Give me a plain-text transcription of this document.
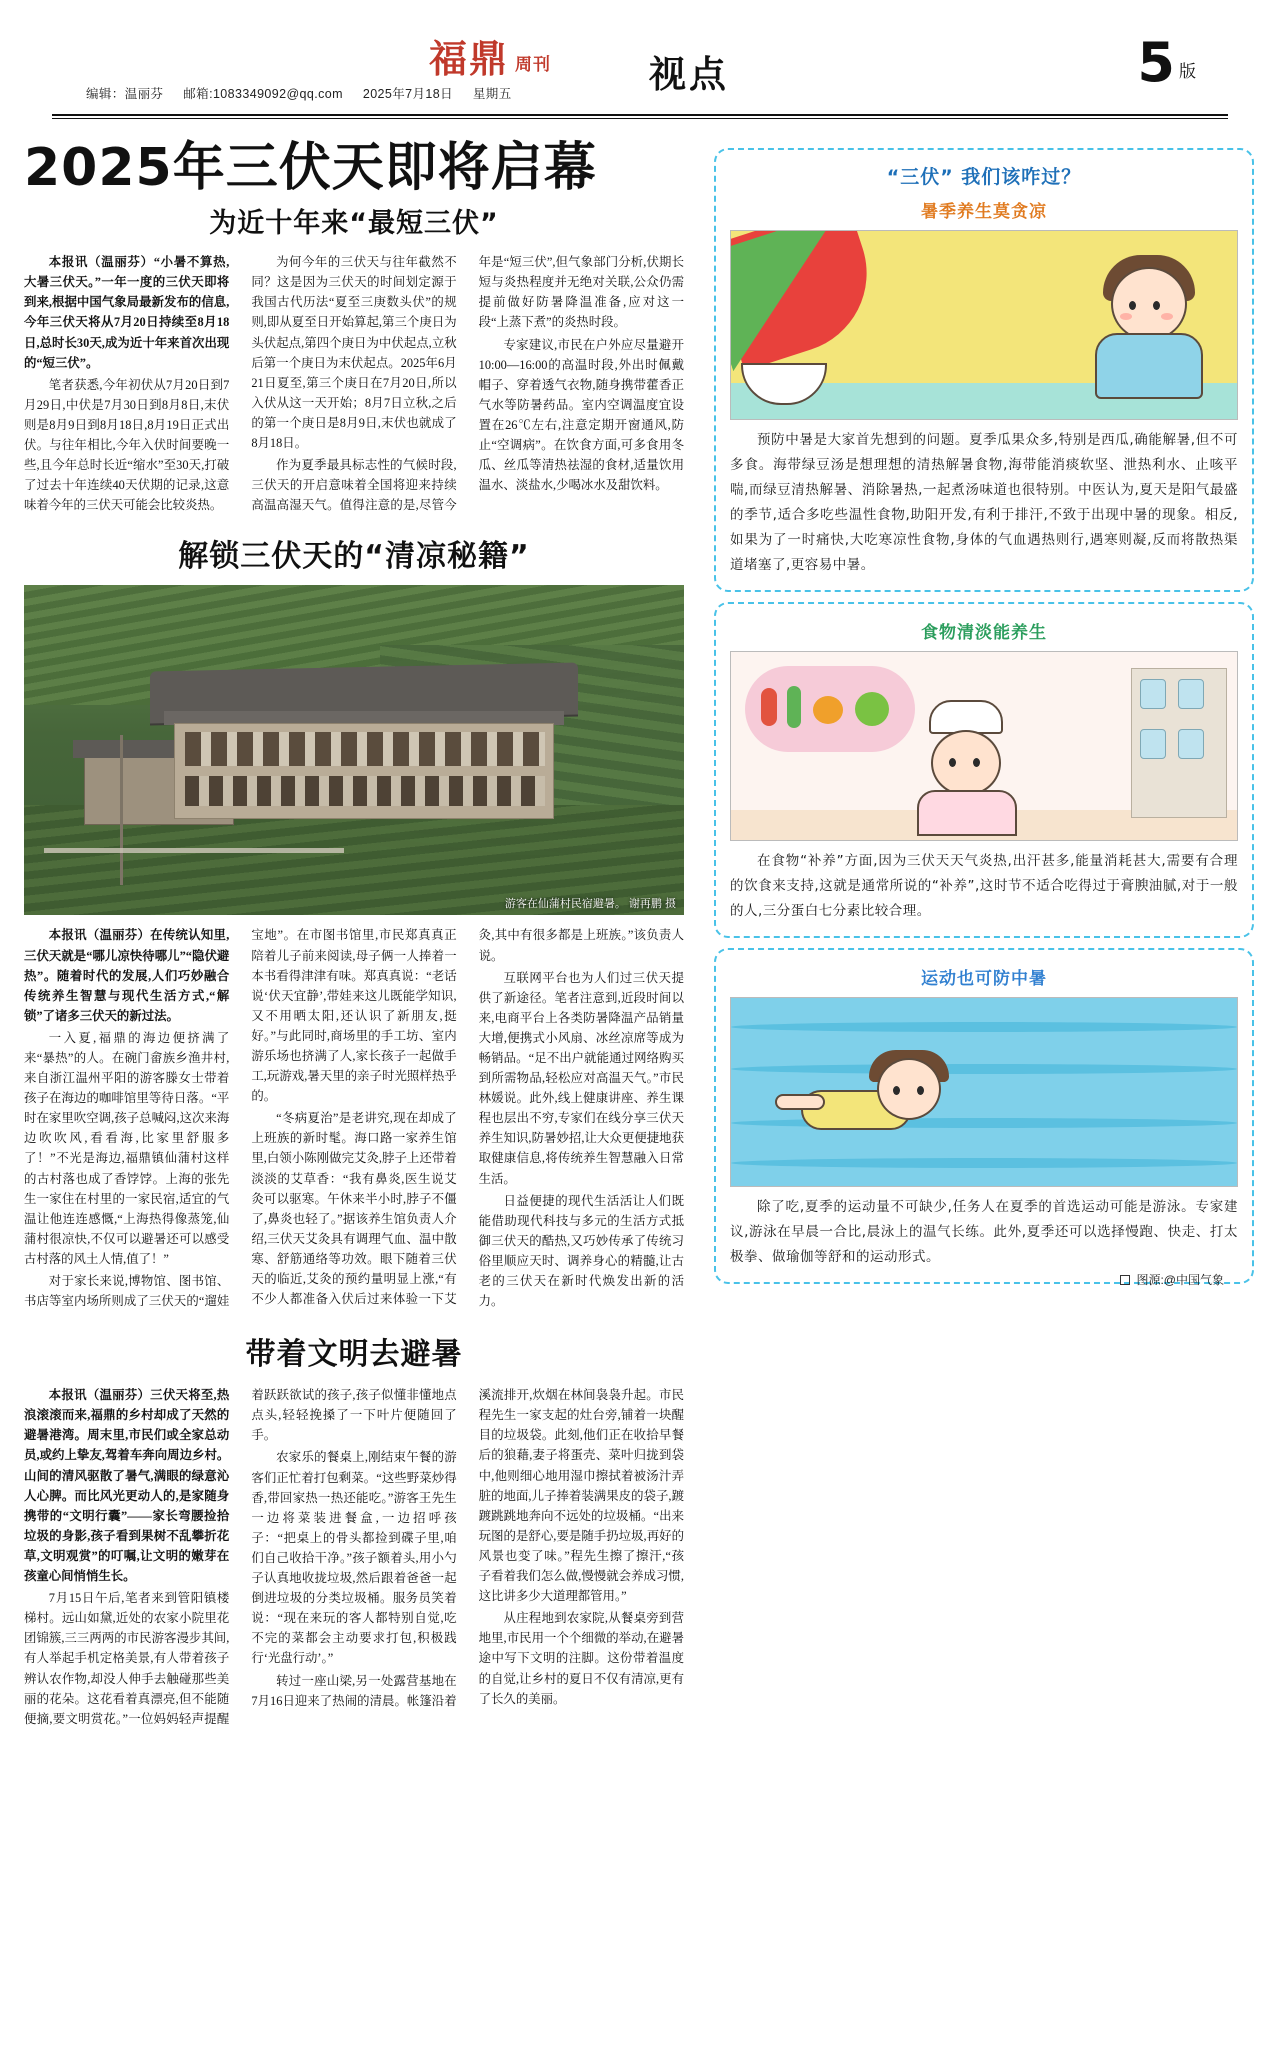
福鼎 周刊	视点	5 版
编辑：温丽芬 邮箱:1083349092@qq.com 2025年7月18日 星期五
2025年三伏天即将启幕
为近十年来“最短三伏”

本报讯（温丽芬）“小暑不算热,大暑三伏天。”一年一度的三伏天即将到来,根据中国气象局最新发布的信息,今年三伏天将从7月20日持续至8月18日,总时长30天,成为近十年来首次出现的“短三伏”。

笔者获悉,今年初伏从7月20日到7月29日,中伏是7月30日到8月8日,末伏则是8月9日到8月18日,8月19日正式出伏。与往年相比,今年入伏时间要晚一些,且今年总时长近“缩水”至30天,打破了过去十年连续40天伏期的记录,这意味着今年的三伏天可能会比较炎热。

为何今年的三伏天与往年截然不同？这是因为三伏天的时间划定源于我国古代历法“夏至三庚数头伏”的规则,即从夏至日开始算起,第三个庚日为头伏起点,第四个庚日为中伏起点,立秋后第一个庚日为末伏起点。2025年6月21日夏至,第三个庚日在7月20日,所以入伏从这一天开始；8月7日立秋,之后的第一个庚日是8月9日,末伏也就成了8月18日。

作为夏季最具标志性的气候时段,三伏天的开启意味着全国将迎来持续高温高湿天气。值得注意的是,尽管今年是“短三伏”,但气象部门分析,伏期长短与炎热程度并无绝对关联,公众仍需提前做好防暑降温准备,应对这一段“上蒸下煮”的炎热时段。

专家建议,市民在户外应尽量避开10:00—16:00的高温时段,外出时佩戴帽子、穿着透气衣物,随身携带藿香正气水等防暑药品。室内空调温度宜设置在26℃左右,注意定期开窗通风,防止“空调病”。在饮食方面,可多食用冬瓜、丝瓜等清热祛湿的食材,适量饮用温水、淡盐水,少喝冰水及甜饮料。

解锁三伏天的“清凉秘籍”
游客在仙蒲村民宿避暑。 谢再鹏 摄

本报讯（温丽芬）在传统认知里,三伏天就是“哪儿凉快待哪儿”“隐伏避热”。随着时代的发展,人们巧妙融合传统养生智慧与现代生活方式,“解锁”了诸多三伏天的新过法。

一入夏,福鼎的海边便挤满了来“暴热”的人。在碗门畲族乡渔井村,来自浙江温州平阳的游客滕女士带着孩子在海边的咖啡馆里等待日落。“平时在家里吹空调,孩子总喊闷,这次来海边吹吹风,看看海,比家里舒服多了！”不光是海边,福鼎镇仙蒲村这样的古村落也成了香饽饽。上海的张先生一家住在村里的一家民宿,适宜的气温让他连连感慨,“上海热得像蒸笼,仙蒲村很凉快,不仅可以避暑还可以感受古村落的风土人情,值了！”

对于家长来说,博物馆、图书馆、书店等室内场所则成了三伏天的“遛娃宝地”。在市图书馆里,市民郑真真正陪着儿子前来阅读,母子俩一人捧着一本书看得津津有味。郑真真说：“老话说‘伏天宜静’,带娃来这儿既能学知识,又不用晒太阳,还认识了新朋友,挺好。”与此同时,商场里的手工坊、室内游乐场也挤满了人,家长孩子一起做手工,玩游戏,暑天里的亲子时光照样热乎的。

“冬病夏治”是老讲究,现在却成了上班族的新时髦。海口路一家养生馆里,白领小陈刚做完艾灸,脖子上还带着淡淡的艾草香：“我有鼻炎,医生说艾灸可以驱寒。午休来半小时,脖子不僵了,鼻炎也轻了。”据该养生馆负责人介绍,三伏天艾灸具有调理气血、温中散寒、舒筋通络等功效。眼下随着三伏天的临近,艾灸的预约量明显上涨,“有不少人都准备入伏后过来体验一下艾灸,其中有很多都是上班族。”该负责人说。

互联网平台也为人们过三伏天提供了新途径。笔者注意到,近段时间以来,电商平台上各类防暑降温产品销量大增,便携式小风扇、冰丝凉席等成为畅销品。“足不出户就能通过网络购买到所需物品,轻松应对高温天气。”市民林媛说。此外,线上健康讲座、养生课程也层出不穷,专家们在线分享三伏天养生知识,防暑妙招,让大众更便捷地获取健康信息,将传统养生智慧融入日常生活。

日益便捷的现代生活活让人们既能借助现代科技与多元的生活方式抵御三伏天的酷热,又巧妙传承了传统习俗里顺应天时、调养身心的精髓,让古老的三伏天在新时代焕发出新的活力。

带着文明去避暑

本报讯（温丽芬）三伏天将至,热浪滚滚而来,福鼎的乡村却成了天然的避暑港湾。周末里,市民们或全家总动员,或约上挚友,驾着车奔向周边乡村。山间的清风驱散了暑气,满眼的绿意沁人心脾。而比风光更动人的,是家随身携带的“文明行囊”——家长弯腰捡拾垃圾的身影,孩子看到果树不乱攀折花草,文明观赏”的叮嘱,让文明的嫩芽在孩童心间悄悄生长。

7月15日午后,笔者来到管阳镇楼梯村。远山如黛,近处的农家小院里花团锦簇,三三两两的市民游客漫步其间,有人举起手机定格美景,有人带着孩子辨认农作物,却没人伸手去触碰那些美丽的花朵。这花看着真漂亮,但不能随便摘,要文明赏花。”一位妈妈轻声提醒着跃跃欲试的孩子,孩子似懂非懂地点点头,轻轻挽搡了一下叶片便随回了手。

农家乐的餐桌上,刚结束午餐的游客们正忙着打包剩菜。“这些野菜炒得香,带回家热一热还能吃。”游客王先生一边将菜装进餐盒,一边招呼孩子：“把桌上的骨头都捡到碟子里,咱们自己收拾干净。”孩子额着头,用小勺子认真地收拢垃圾,然后跟着爸爸一起倒进垃圾的分类垃圾桶。服务员笑着说：“现在来玩的客人都特别自觉,吃不完的菜都会主动要求打包,积极践行‘光盘行动’。”

转过一座山梁,另一处露营基地在7月16日迎来了热闹的清晨。帐篷沿着溪流排开,炊烟在林间袅袅升起。市民程先生一家支起的灶台旁,铺着一块醒目的垃圾袋。此刻,他们正在收拾早餐后的狼藉,妻子将蛋壳、菜叶归拢到袋中,他则细心地用湿巾擦拭着被汤汁弄脏的地面,儿子捧着装满果皮的袋子,踱踱跳跳地奔向不远处的垃圾桶。“出来玩图的是舒心,要是随手扔垃圾,再好的风景也变了味。”程先生擦了擦汗,“孩子看着我们怎么做,慢慢就会养成习惯,这比讲多少大道理都管用。”

从庄程地到农家院,从餐桌旁到营地里,市民用一个个细微的举动,在避暑途中写下文明的注脚。这份带着温度的自觉,让乡村的夏日不仅有清凉,更有了长久的美丽。

“三伏” 我们该咋过？
暑季养生莫贪凉
预防中暑是大家首先想到的问题。夏季瓜果众多,特别是西瓜,确能解暑,但不可多食。海带绿豆汤是想理想的清热解暑食物,海带能消痰软坚、泄热利水、止咳平喘,而绿豆清热解暑、消除暑热,一起煮汤味道也很特别。中医认为,夏天是阳气最盛的季节,适合多吃些温性食物,助阳开发,有利于排汗,不致于出现中暑的现象。相反,如果为了一时痛快,大吃寒凉性食物,身体的气血遇热则行,遇寒则凝,反而将散热渠道堵塞了,更容易中暑。
食物清淡能养生
在食物“补养”方面,因为三伏天天气炎热,出汗甚多,能量消耗甚大,需要有合理的饮食来支持,这就是通常所说的“补养”,这时节不适合吃得过于膏腴油腻,对于一般的人,三分蛋白七分素比较合理。
运动也可防中暑
除了吃,夏季的运动量不可缺少,任务人在夏季的首选运动可能是游泳。专家建议,游泳在早晨一合比,晨泳上的温气长练。此外,夏季还可以选择慢跑、快走、打太极拳、做瑜伽等舒和的运动形式。
图源:@中国气象
